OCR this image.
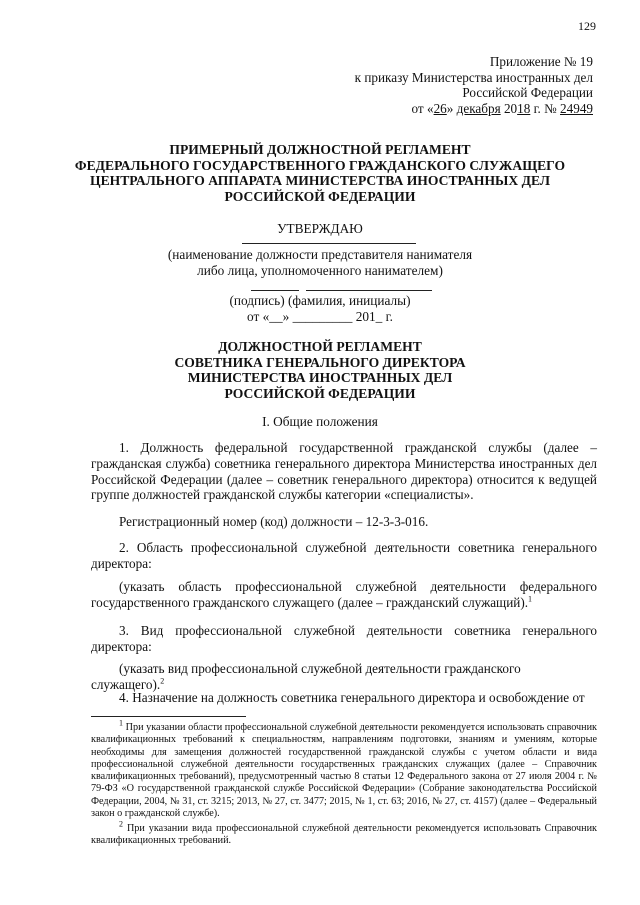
129
Приложение № 19
к приказу Министерства иностранных дел
Российской Федерации
от «26» декабря 2018 г. № 24949
ПРИМЕРНЫЙ ДОЛЖНОСТНОЙ РЕГЛАМЕНТ
ФЕДЕРАЛЬНОГО ГОСУДАРСТВЕННОГО ГРАЖДАНСКОГО СЛУЖАЩЕГО
ЦЕНТРАЛЬНОГО АППАРАТА МИНИСТЕРСТВА ИНОСТРАННЫХ ДЕЛ
РОССИЙСКОЙ ФЕДЕРАЦИИ
УТВЕРЖДАЮ
(наименование должности представителя нанимателя
либо лица, уполномоченного нанимателем)
(подпись) (фамилия, инициалы)
от «__» _________ 201_ г.
ДОЛЖНОСТНОЙ РЕГЛАМЕНТ
СОВЕТНИКА ГЕНЕРАЛЬНОГО ДИРЕКТОРА
МИНИСТЕРСТВА ИНОСТРАННЫХ ДЕЛ
РОССИЙСКОЙ ФЕДЕРАЦИИ
I. Общие положения
1. Должность федеральной государственной гражданской службы (далее – гражданская служба) советника генерального директора Министерства иностранных дел Российской Федерации (далее – советник генерального директора) относится к ведущей группе должностей гражданской службы категории «специалисты».
Регистрационный номер (код) должности – 12-3-3-016.
2. Область профессиональной служебной деятельности советника генерального директора:
(указать область профессиональной служебной деятельности федерального государственного гражданского служащего (далее – гражданский служащий).$^1$
3. Вид профессиональной служебной деятельности советника генерального директора:
(указать вид профессиональной служебной деятельности гражданского служащего).$^2$
4. Назначение на должность советника генерального директора и освобождение от
$^1$ При указании области профессиональной служебной деятельности рекомендуется использовать справочник квалификационных требований к специальностям, направлениям подготовки, знаниям и умениям, которые необходимы для замещения должностей государственной гражданской службы с учетом области и вида профессиональной служебной деятельности государственных гражданских служащих (далее – Справочник квалификационных требований), предусмотренный частью 8 статьи 12 Федерального закона от 27 июля 2004 г. № 79-ФЗ «О государственной гражданской службе Российской Федерации» (Собрание законодательства Российской Федерации, 2004, № 31, ст. 3215; 2013, № 27, ст. 3477; 2015, № 1, ст. 63; 2016, № 27, ст. 4157) (далее – Федеральный закон о гражданской службе).
$^2$ При указании вида профессиональной служебной деятельности рекомендуется использовать Справочник квалификационных требований.
